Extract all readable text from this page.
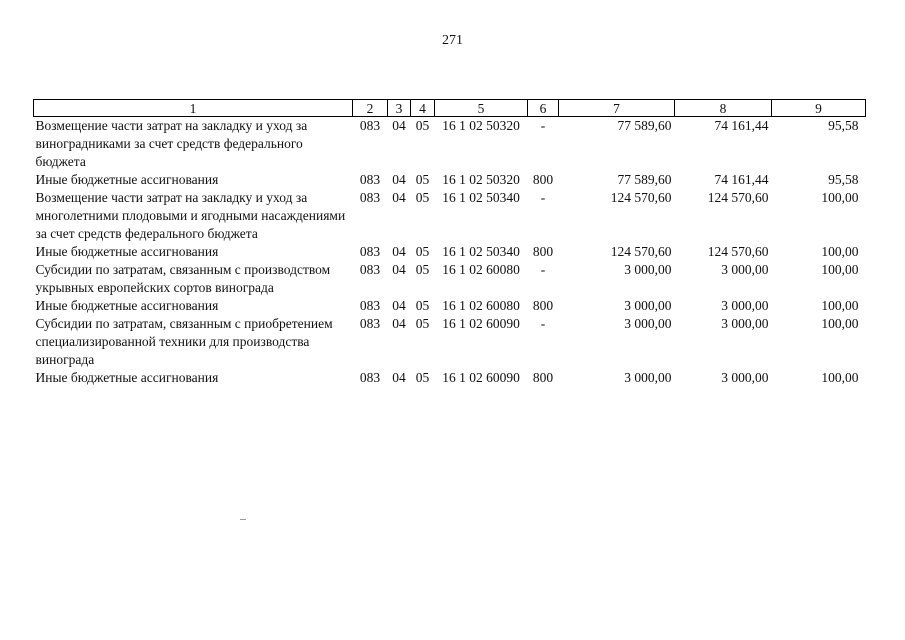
271
1	2	3	4	5	6	7	8	9
Возмещение части затрат на закладку и уход за виноградниками за счет средств федерального бюджета	083	04	05	16 1 02 50320	-	77 589,60	74 161,44	95,58
Иные бюджетные ассигнования	083	04	05	16 1 02 50320	800	77 589,60	74 161,44	95,58
Возмещение части затрат на закладку и уход за многолетними плодовыми и ягодными насаждениями за счет средств федерального бюджета	083	04	05	16 1 02 50340	-	124 570,60	124 570,60	100,00
Иные бюджетные ассигнования	083	04	05	16 1 02 50340	800	124 570,60	124 570,60	100,00
Субсидии по затратам, связанным с производством укрывных европейских сортов винограда	083	04	05	16 1 02 60080	-	3 000,00	3 000,00	100,00
Иные бюджетные ассигнования	083	04	05	16 1 02 60080	800	3 000,00	3 000,00	100,00
Субсидии по затратам, связанным с приобретением специализированной техники для производства винограда	083	04	05	16 1 02 60090	-	3 000,00	3 000,00	100,00
Иные бюджетные ассигнования	083	04	05	16 1 02 60090	800	3 000,00	3 000,00	100,00
